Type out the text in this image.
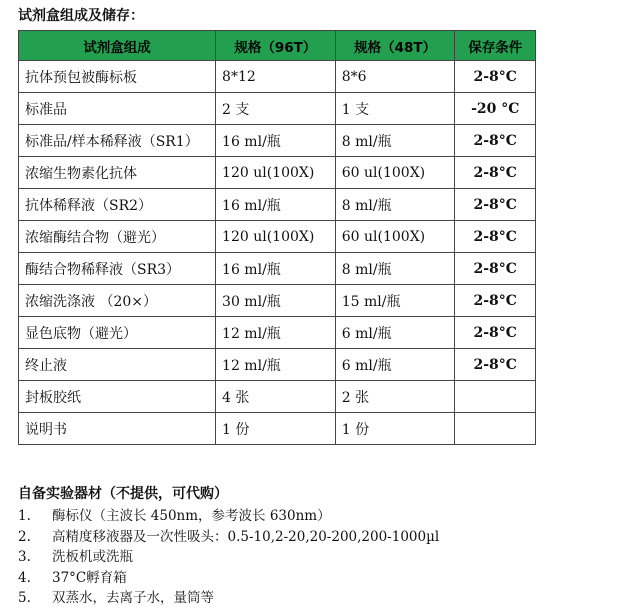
试剂盒组成及储存：
试剂盒组成	规格（96T）	规格（48T）	保存条件
抗体预包被酶标板	8*12	8*6	2-8°C
标准品	2 支	1 支	-20 °C
标准品/样本稀释液（SR1）	16 ml/瓶	8 ml/瓶	2-8°C
浓缩生物素化抗体	120 ul(100X)	60 ul(100X)	2-8°C
抗体稀释液（SR2）	16 ml/瓶	8 ml/瓶	2-8°C
浓缩酶结合物（避光）	120 ul(100X)	60 ul(100X)	2-8°C
酶结合物稀释液（SR3）	16 ml/瓶	8 ml/瓶	2-8°C
浓缩洗涤液 （20×）	30 ml/瓶	15 ml/瓶	2-8°C
显色底物（避光）	12 ml/瓶	6 ml/瓶	2-8°C
终止液	12 ml/瓶	6 ml/瓶	2-8°C
封板胶纸	4 张	2 张	
说明书	1 份	1 份	
自备实验器材（不提供，可代购）
1. 酶标仪（主波长 450nm，参考波长 630nm）
2. 高精度移液器及一次性吸头：0.5-10,2-20,20-200,200-1000µl
3. 洗板机或洗瓶
4. 37°C孵育箱
5. 双蒸水，去离子水，量筒等
